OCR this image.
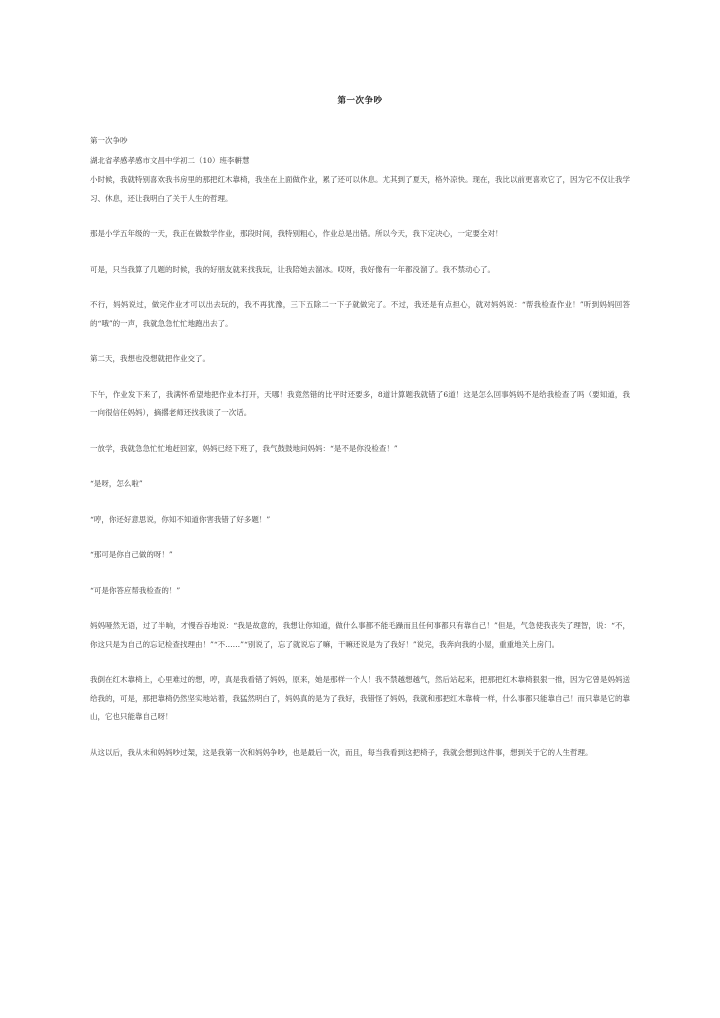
第一次争吵

第一次争吵

湖北省孝感孝感市文昌中学初二（10）班李輧慧

小时候，我就特别喜欢我书房里的那把红木靠椅，我坐在上面做作业，累了还可以休息。尤其到了夏天，格外凉快。现在，我比以前更喜欢它了，因为它不仅让我学习、休息，还让我明白了关于人生的哲理。

那是小学五年级的一天，我正在做数学作业，那段时间，我特别粗心，作业总是出错。所以今天，我下定决心，一定要全对！

可是，只当我算了几题的时候，我的好朋友就来找我玩，让我陪她去溜冰。哎呀，我好像有一年都没溜了。我不禁动心了。

不行，妈妈说过，做完作业才可以出去玩的，我不再犹豫，三下五除二一下子就做完了。不过，我还是有点担心，就对妈妈说：“帮我检查作业！”听到妈妈回答的“哦”的一声，我就急急忙忙地跑出去了。

第二天，我想也没想就把作业交了。

下午，作业发下来了，我满怀希望地把作业本打开，天哪！我竟然错的比平时还要多，8道计算题我就错了6道！这是怎么回事妈妈不是给我检查了吗（要知道，我一向很信任妈妈），摘撂老师还找我谈了一次话。

一放学，我就急急忙忙地赶回家，妈妈已经下班了，我气鼓鼓地问妈妈：“是不是你没检查！”

“是呀，怎么啦”

“哼，你还好意思说，你知不知道你害我错了好多题！”

“那可是你自己做的呀！”

“可是你答应帮我检查的！”

妈妈哑然无语，过了半晌，才慢吞吞地说：“我是故意的，我想让你知道，做什么事都不能毛躁而且任何事都只有靠自己！”但是，气急使我丧失了理智，说：“不，你这只是为自己的忘记检查找理由！”“不……”“别说了，忘了就说忘了嘛，干嘛还说是为了我好！”说完，我奔向我的小屋，重重地关上房门。

我倒在红木靠椅上，心里难过的想，哼，真是我看错了妈妈，原来，她是那样一个人！我不禁越想越气，然后站起来，把那把红木靠椅狠狠一推，因为它曾是妈妈送给我的，可是，那把靠椅仍然坚实地站着，我猛然明白了，妈妈真的是为了我好，我错怪了妈妈，我就和那把红木靠椅一样，什么事都只能靠自己！而只靠是它的靠山，它也只能靠自己呀！

从这以后，我从未和妈妈吵过架，这是我第一次和妈妈争吵，也是最后一次，而且，每当我看到这把椅子，我就会想到这件事，想到关于它的人生哲理。
